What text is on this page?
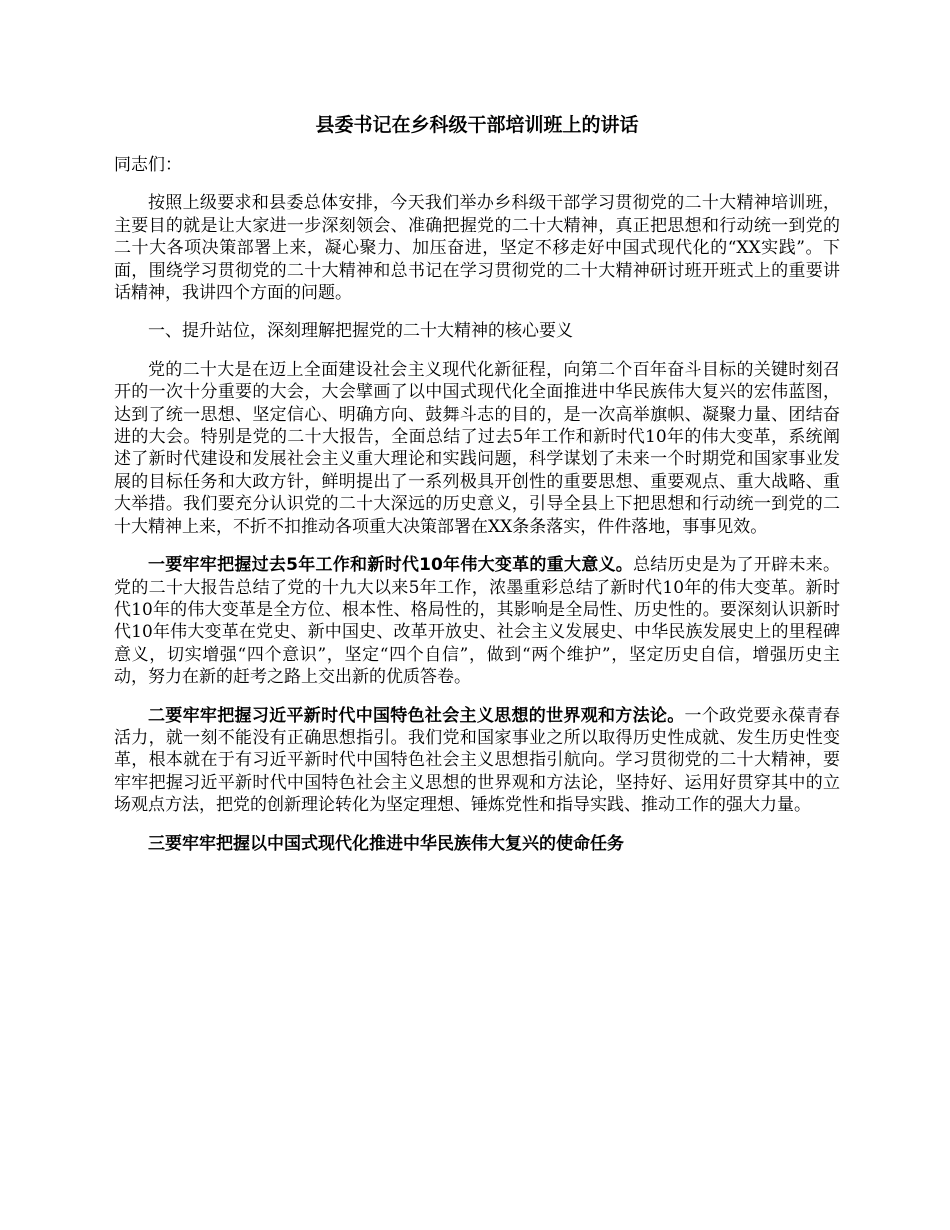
县委书记在乡科级干部培训班上的讲话
同志们：

按照上级要求和县委总体安排，今天我们举办乡科级干部学习贯彻党的二十大精神培训班，主要目的就是让大家进一步深刻领会、准确把握党的二十大精神，真正把思想和行动统一到党的二十大各项决策部署上来，凝心聚力、加压奋进，坚定不移走好中国式现代化的“XX实践”。下面，围绕学习贯彻党的二十大精神和总书记在学习贯彻党的二十大精神研讨班开班式上的重要讲话精神，我讲四个方面的问题。

一、提升站位，深刻理解把握党的二十大精神的核心要义

党的二十大是在迈上全面建设社会主义现代化新征程，向第二个百年奋斗目标的关键时刻召开的一次十分重要的大会，大会擘画了以中国式现代化全面推进中华民族伟大复兴的宏伟蓝图，达到了统一思想、坚定信心、明确方向、鼓舞斗志的目的，是一次高举旗帜、凝聚力量、团结奋进的大会。特别是党的二十大报告，全面总结了过去5年工作和新时代10年的伟大变革，系统阐述了新时代建设和发展社会主义重大理论和实践问题，科学谋划了未来一个时期党和国家事业发展的目标任务和大政方针，鲜明提出了一系列极具开创性的重要思想、重要观点、重大战略、重大举措。我们要充分认识党的二十大深远的历史意义，引导全县上下把思想和行动统一到党的二十大精神上来，不折不扣推动各项重大决策部署在XX条条落实，件件落地，事事见效。

一要牢牢把握过去5年工作和新时代10年伟大变革的重大意义。总结历史是为了开辟未来。党的二十大报告总结了党的十九大以来5年工作，浓墨重彩总结了新时代10年的伟大变革。新时代10年的伟大变革是全方位、根本性、格局性的，其影响是全局性、历史性的。要深刻认识新时代10年伟大变革在党史、新中国史、改革开放史、社会主义发展史、中华民族发展史上的里程碑意义，切实增强“四个意识”，坚定“四个自信”，做到“两个维护”，坚定历史自信，增强历史主动，努力在新的赶考之路上交出新的优质答卷。

二要牢牢把握习近平新时代中国特色社会主义思想的世界观和方法论。一个政党要永葆青春活力，就一刻不能没有正确思想指引。我们党和国家事业之所以取得历史性成就、发生历史性变革，根本就在于有习近平新时代中国特色社会主义思想指引航向。学习贯彻党的二十大精神，要牢牢把握习近平新时代中国特色社会主义思想的世界观和方法论，坚持好、运用好贯穿其中的立场观点方法，把党的创新理论转化为坚定理想、锤炼党性和指导实践、推动工作的强大力量。

三要牢牢把握以中国式现代化推进中华民族伟大复兴的使命任务
